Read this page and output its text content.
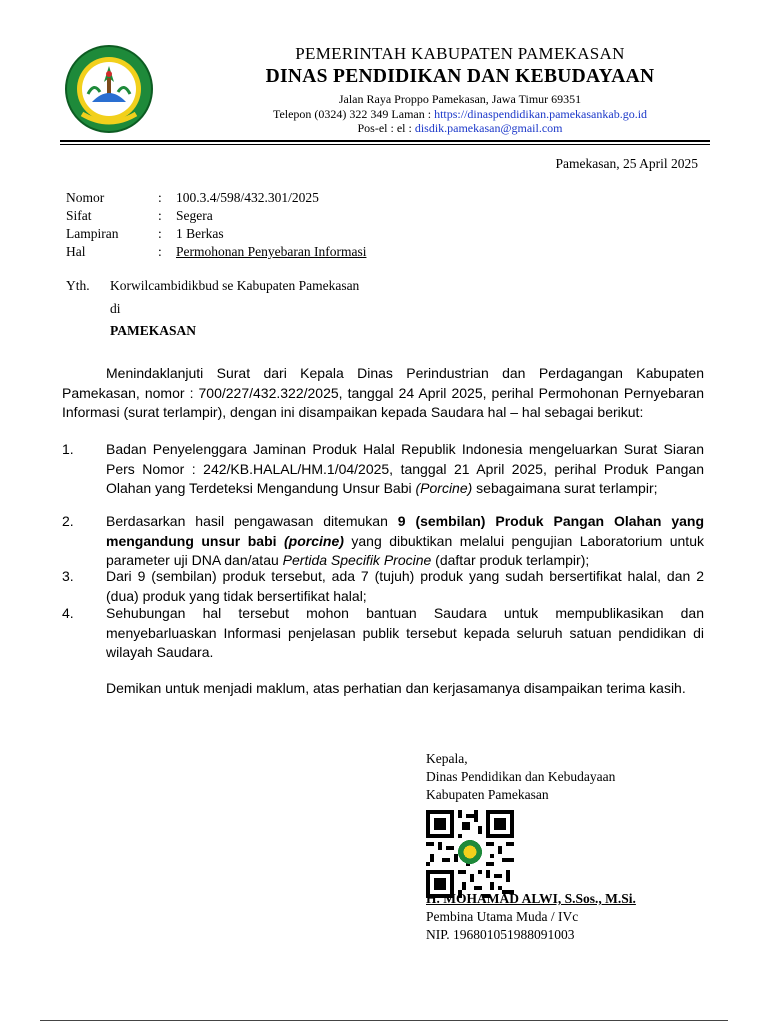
PEMERINTAH KABUPATEN PAMEKASAN
DINAS PENDIDIKAN DAN KEBUDAYAAN
Jalan Raya Proppo Pamekasan, Jawa Timur 69351
Telepon (0324) 322 349 Laman : https://dinaspendidikan.pamekasankab.go.id
Pos-el : el : disdik.pamekasan@gmail.com
Pamekasan, 25 April 2025
Nomor	: 100.3.4/598/432.301/2025
Sifat	: Segera
Lampiran	: 1 Berkas
Hal	: Permohonan Penyebaran Informasi
Yth. Korwilcambidikbud se Kabupaten Pamekasan
di
PAMEKASAN
Menindaklanjuti Surat dari Kepala Dinas Perindustrian dan Perdagangan Kabupaten Pamekasan, nomor : 700/227/432.322/2025, tanggal 24 April 2025, perihal Permohonan Pernyebaran Informasi (surat terlampir), dengan ini disampaikan kepada Saudara hal – hal sebagai berikut:
1. Badan Penyelenggara Jaminan Produk Halal Republik Indonesia mengeluarkan Surat Siaran Pers Nomor : 242/KB.HALAL/HM.1/04/2025, tanggal 21 April 2025, perihal Produk Pangan Olahan yang Terdeteksi Mengandung Unsur Babi (Porcine) sebagaimana surat terlampir;
2. Berdasarkan hasil pengawasan ditemukan 9 (sembilan) Produk Pangan Olahan yang mengandung unsur babi (porcine) yang dibuktikan melalui pengujian Laboratorium untuk parameter uji DNA dan/atau Pertida Specifik Procine (daftar produk terlampir);
3. Dari 9 (sembilan) produk tersebut, ada 7 (tujuh) produk yang sudah bersertifikat halal, dan 2 (dua) produk yang tidak bersertifikat halal;
4. Sehubungan hal tersebut mohon bantuan Saudara untuk mempublikasikan dan menyebarluaskan Informasi penjelasan publik tersebut kepada seluruh satuan pendidikan di wilayah Saudara.
Demikan untuk menjadi maklum, atas perhatian dan kerjasamanya disampaikan terima kasih.
Kepala,
Dinas Pendidikan dan Kebudayaan
Kabupaten Pamekasan
H. MOHAMAD ALWI, S.Sos., M.Si.
Pembina Utama Muda / IVc
NIP. 196801051988091003
